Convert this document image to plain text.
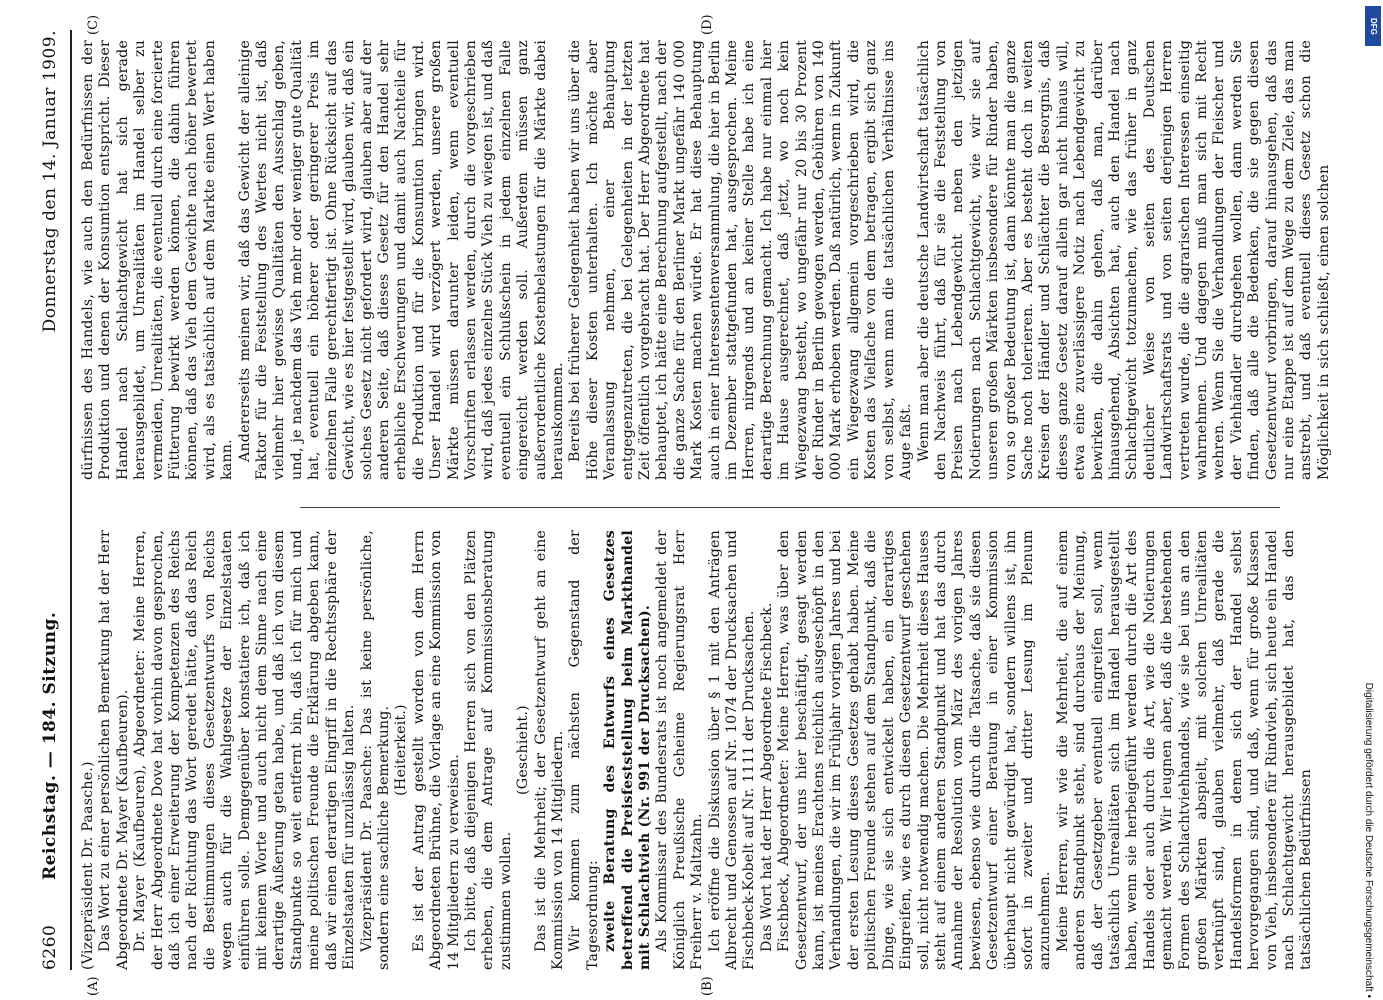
6260
Reichstag. — 184. Sitzung.
Donnerstag den 14. Januar 1909.
(A)	(B)
(C)	(D)

(Vizepräsident Dr. Paasche.) Das Wort zu einer persönlichen Bemerkung hat der Herr Abgeordnete Dr. Mayer (Kaufbeuren). Dr. Mayer (Kaufbeuren), Abgeordneter: Meine Herren, der Herr Abgeordnete Dove hat vorhin davon gesprochen, daß ich einer Erweiterung der Kompetenzen des Reichs nach der Richtung das Wort geredet hätte, daß das Reich die Bestimmungen dieses Gesetzentwurfs von Reichs wegen auch für die Wahlgesetze der Einzelstaaten einführen solle. Demgegenüber konstatiere ich, daß ich mit keinem Worte und auch nicht dem Sinne nach eine derartige Äußerung getan habe, und daß ich von diesem Standpunkte so weit entfernt bin, daß ich für mich und meine politischen Freunde die Erklärung abgeben kann, daß wir einen derartigen Eingriff in die Rechtssphäre der Einzelstaaten für unzulässig halten. Vizepräsident Dr. Paasche: Das ist keine persönliche, sondern eine sachliche Bemerkung. (Heiterkeit.) Es ist der Antrag gestellt worden von dem Herrn Abgeordneten Brühne, die Vorlage an eine Kommission von 14 Mitgliedern zu verweisen. Ich bitte, daß diejenigen Herren sich von den Plätzen erheben, die dem Antrage auf Kommissionsberatung zustimmen wollen.

(Geschieht.) Das ist die Mehrheit; der Gesetzentwurf geht an eine Kommission von 14 Mitgliedern. Wir kommen zum nächsten Gegenstand der Tagesordnung: zweite Beratung des Entwurfs eines Gesetzes betreffend die Preisfeststellung beim Markthandel mit Schlachtvieh (Nr. 991 der Drucksachen). Als Kommissar des Bundesrats ist noch angemeldet der Königlich Preußische Geheime Regierungsrat Herr Freiherr v. Maltzahn. Ich eröffne die Diskussion über § 1 mit den Anträgen Albrecht und Genossen auf Nr. 1074 der Drucksachen und Fischbeck-Kobelt auf Nr. 1111 der Drucksachen. Das Wort hat der Herr Abgeordnete Fischbeck. Fischbeck, Abgeordneter: Meine Herren, was über den Gesetzentwurf, der uns hier beschäftigt, gesagt werden kann, ist meines Erachtens reichlich ausgeschöpft in den Verhandlungen, die wir im Frühjahr vorigen Jahres und bei der ersten Lesung dieses Gesetzes gehabt haben. Meine politischen Freunde stehen auf dem Standpunkt, daß die Dinge, wie sie sich entwickelt haben, ein derartiges Eingreifen, wie es durch diesen Gesetzentwurf geschehen soll, nicht notwendig machen. Die Mehrheit dieses Hauses steht auf einem anderen Standpunkt und hat das durch Annahme der Resolution vom März des vorigen Jahres bewiesen, ebenso wie durch die Tatsache, daß sie diesen Gesetzentwurf einer Beratung in einer Kommission überhaupt nicht gewürdigt hat, sondern willens ist, ihn sofort in zweiter und dritter Lesung im Plenum anzunehmen. Meine Herren, wir wie die Mehrheit, die auf einem anderen Standpunkt steht, sind durchaus der Meinung, daß der Gesetzgeber eventuell eingreifen soll, wenn tatsächlich Unrealitäten sich im Handel herausgestellt haben, wenn sie herbeigeführt werden durch die Art des Handels oder auch durch die Art, wie die Notierungen gemacht werden. Wir leugnen aber, daß die bestehenden Formen des Schlachtviehhandels, wie sie bei uns an den großen Märkten abspielt, mit solchen Unrealitäten verknüpft sind, glauben vielmehr, daß gerade die Handelsformen in denen sich der Handel selbst hervorgegangen sind, und daß, wenn für große Klassen von Vieh, insbesondere für Rindvieh, sich heute ein Handel nach Schlachtgewicht herausgebildet hat, das den tatsächlichen Bedürfnissen

dürfnissen des Handels, wie auch den Bedürfnissen der Produktion und denen der Konsumtion entspricht. Dieser Handel nach Schlachtgewicht hat sich gerade herausgebildet, um Unrealitäten im Handel selber zu vermeiden, Unrealitäten, die eventuell durch eine forcierte Fütterung bewirkt werden können, die dahin führen können, daß das Vieh dem Gewichte nach höher bewertet wird, als es tatsächlich auf dem Markte einen Wert haben kann. Andererseits meinen wir, daß das Gewicht der alleinige Faktor für die Feststellung des Wertes nicht ist, daß vielmehr hier gewisse Qualitäten den Ausschlag geben, und, je nachdem das Vieh mehr oder weniger gute Qualität hat, eventuell ein höherer oder geringerer Preis im einzelnen Falle gerechtfertigt ist. Ohne Rücksicht auf das Gewicht, wie es hier festgestellt wird, glauben wir, daß ein solches Gesetz nicht gefordert wird, glauben aber auf der anderen Seite, daß dieses Gesetz für den Handel sehr erhebliche Erschwerungen und damit auch Nachteile für die Produktion und für die Konsumtion bringen wird. Unser Handel wird verzögert werden, unsere großen Märkte müssen darunter leiden, wenn eventuell Vorschriften erlassen werden, durch die vorgeschrieben wird, daß jedes einzelne Stück Vieh zu wiegen ist, und daß eventuell ein Schlußschein in jedem einzelnen Falle eingereicht werden soll. Außerdem müssen ganz außerordentliche Kostenbelastungen für die Märkte dabei herauskommen. Bereits bei früherer Gelegenheit haben wir uns über die Höhe dieser Kosten unterhalten. Ich möchte aber Veranlassung nehmen, einer Behauptung entgegenzutreten, die bei Gelegenheiten in der letzten Zeit öffentlich vorgebracht hat. Der Herr Abgeordnete hat behauptet, ich hätte eine Berechnung aufgestellt, nach der die ganze Sache für den Berliner Markt ungefähr 140 000 Mark Kosten machen würde. Er hat diese Behauptung auch in einer Interessentenversammlung, die hier in Berlin im Dezember stattgefunden hat, ausgesprochen. Meine Herren, nirgends und an keiner Stelle habe ich eine derartige Berechnung gemacht. Ich habe nur einmal hier im Hause ausgerechnet, daß jetzt, wo noch kein Wiegezwang besteht, wo ungefähr nur 20 bis 30 Prozent der Rinder in Berlin gewogen werden, Gebühren von 140 000 Mark erhoben werden. Daß natürlich, wenn in Zukunft ein Wiegezwang allgemein vorgeschrieben wird, die Kosten das Vielfache von dem betragen, ergibt sich ganz von selbst, wenn man die tatsächlichen Verhältnisse ins Auge faßt. Wenn man aber die deutsche Landwirtschaft tatsächlich den Nachweis führt, daß für sie die Feststellung von Preisen nach Lebendgewicht neben den jetzigen Notierungen nach Schlachtgewicht, wie wir sie auf unseren großen Märkten insbesondere für Rinder haben, von so großer Bedeutung ist, dann könnte man die ganze Sache noch tolerieren. Aber es besteht doch in weiten Kreisen der Händler und Schlächter die Besorgnis, daß dieses ganze Gesetz darauf allein gar nicht hinaus will, etwa eine zuverlässigere Notiz nach Lebendgewicht zu bewirken, die dahin gehen, daß man, darüber hinausgehend, Absichten hat, auch den Handel nach Schlachtgewicht totzumachen, wie das früher in ganz deutlicher Weise von seiten des Deutschen Landwirtschaftsrats und von seiten derjenigen Herren vertreten wurde, die die agrarischen Interessen einseitig wahrnehmen. Und dagegen muß man sich mit Recht wehren. Wenn Sie die Verhandlungen der Fleischer und der Viehhändler durchgehen wollen, dann werden Sie finden, daß alle die Bedenken, die sie gegen diesen Gesetzentwurf vorbringen, darauf hinausgehen, daß das nur eine Etappe ist auf dem Wege zu dem Ziele, das man anstrebt, und daß eventuell dieses Gesetz schon die Möglichkeit in sich schließt, einen solchen

Digitalisierung gefördert durch die Deutsche Forschungsgemeinschaft •
DFG
